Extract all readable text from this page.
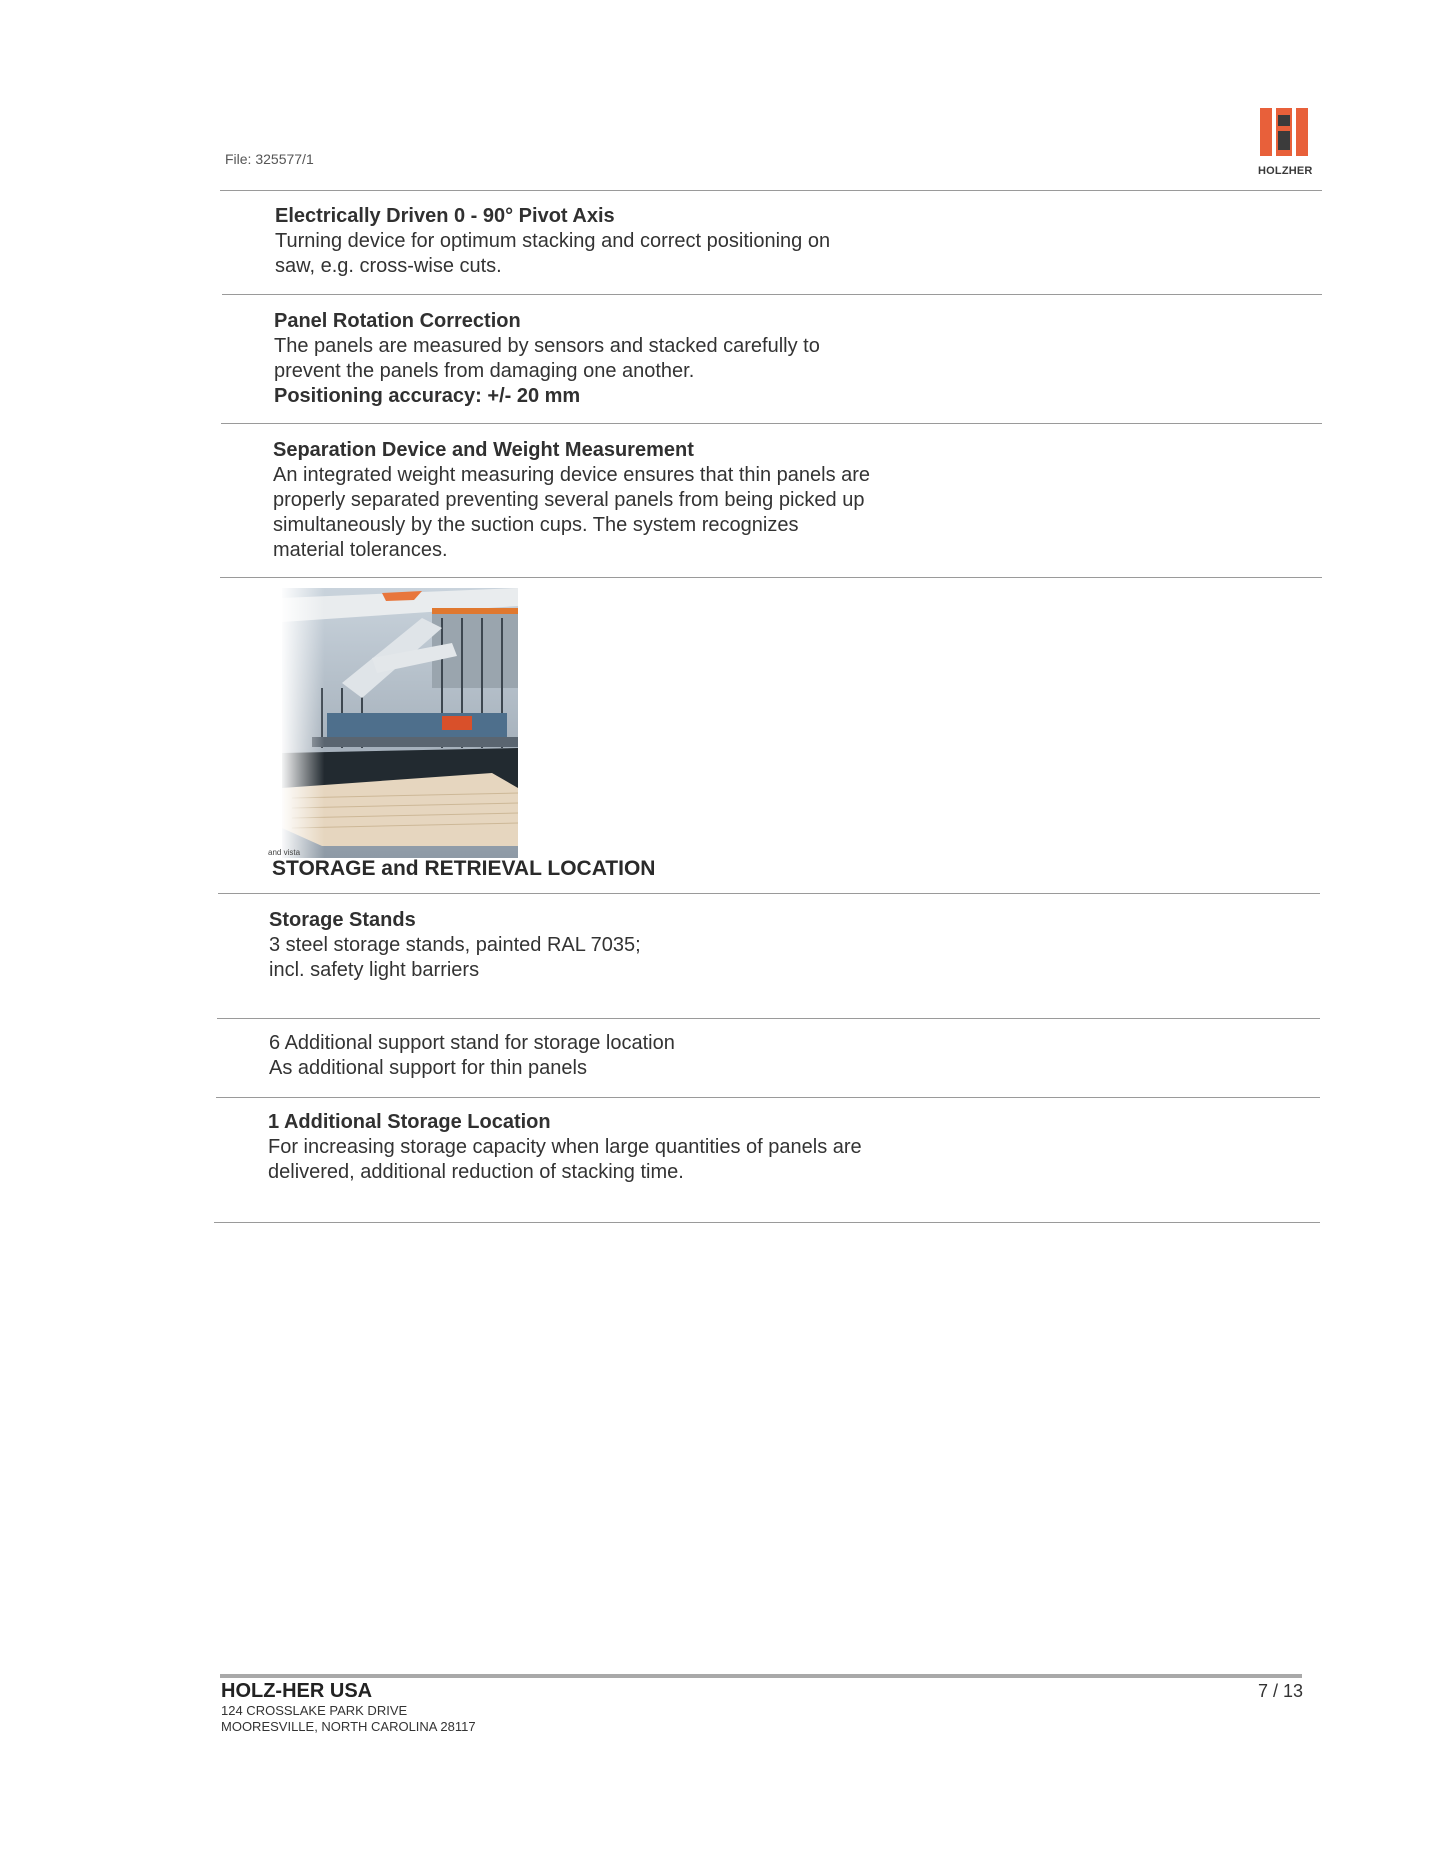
File: 325577/1
HOLZHER
Electrically Driven 0 - 90° Pivot Axis
Turning device for optimum stacking and correct positioning on
saw, e.g. cross-wise cuts.
Panel Rotation Correction
The panels are measured by sensors and stacked carefully to
prevent the panels from damaging one another.
Positioning accuracy: +/- 20 mm
Separation Device and Weight Measurement
An integrated weight measuring device ensures that thin panels are
properly separated preventing several panels from being picked up
simultaneously by the suction cups. The system recognizes
material tolerances.
and vista
STORAGE and RETRIEVAL LOCATION
Storage Stands
3 steel storage stands, painted RAL 7035;
incl. safety light barriers
6 Additional support stand for storage location
As additional support for thin panels
1 Additional Storage Location
For increasing storage capacity when large quantities of panels are
delivered, additional reduction of stacking time.
HOLZ-HER USA
124 CROSSLAKE PARK DRIVE
MOORESVILLE, NORTH CAROLINA 28117
7 / 13
